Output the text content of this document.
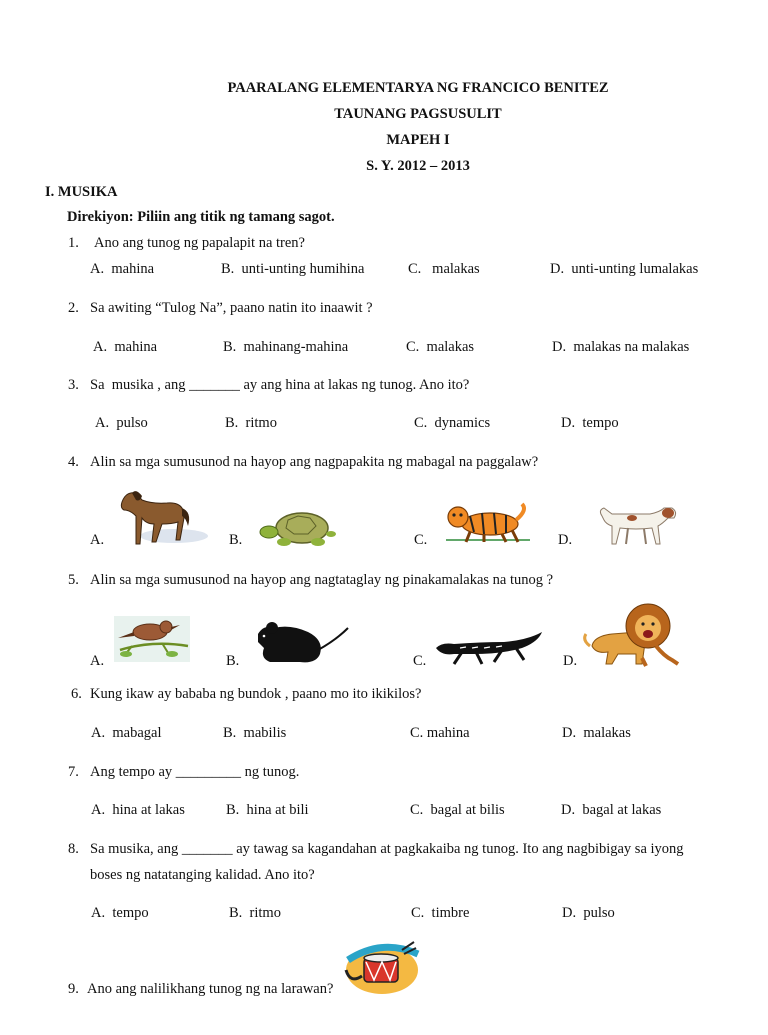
PAARALANG ELEMENTARYA NG FRANCICO BENITEZ
TAUNANG PAGSUSULIT
MAPEH I
S. Y. 2012 – 2013
I. MUSIKA
Direkiyon: Piliin ang titik ng tamang sagot.
1. Ano ang tunog ng papalapit na tren?
A. mahina	B. unti-unting humihina	C. malakas	D. unti-unting lumalakas
2. Sa awiting “Tulog Na”, paano natin ito inaawit ?
A. mahina	B. mahinang-mahina	C. malakas	D. malakas na malakas
3. Sa  musika , ang _______ ay ang hina at lakas ng tunog. Ano ito?
A. pulso	B. ritmo	C. dynamics	D. tempo
4. Alin sa mga sumusunod na hayop ang nagpapakita ng mabagal na paggalaw?
A.	B.	C.	D.
5. Alin sa mga sumusunod na hayop ang nagtataglay ng pinakamalakas na tunog ?
A.	B.	C.	D.
6. Kung ikaw ay bababa ng bundok , paano mo ito ikikilos?
A. mabagal	B. mabilis	C. mahina	D. malakas
7. Ang tempo ay _________ ng tunog.
A. hina at lakas	B. hina at bili	C. bagal at bilis	D. bagal at lakas
8. Sa musika, ang _______ ay tawag sa kagandahan at pagkakaiba ng tunog. Ito ang nagbibigay sa iyong
boses ng natatanging kalidad. Ano ito?
A. tempo	B. ritmo	C. timbre	D. pulso
9. Ano ang nalilikhang tunog ng na larawan?
